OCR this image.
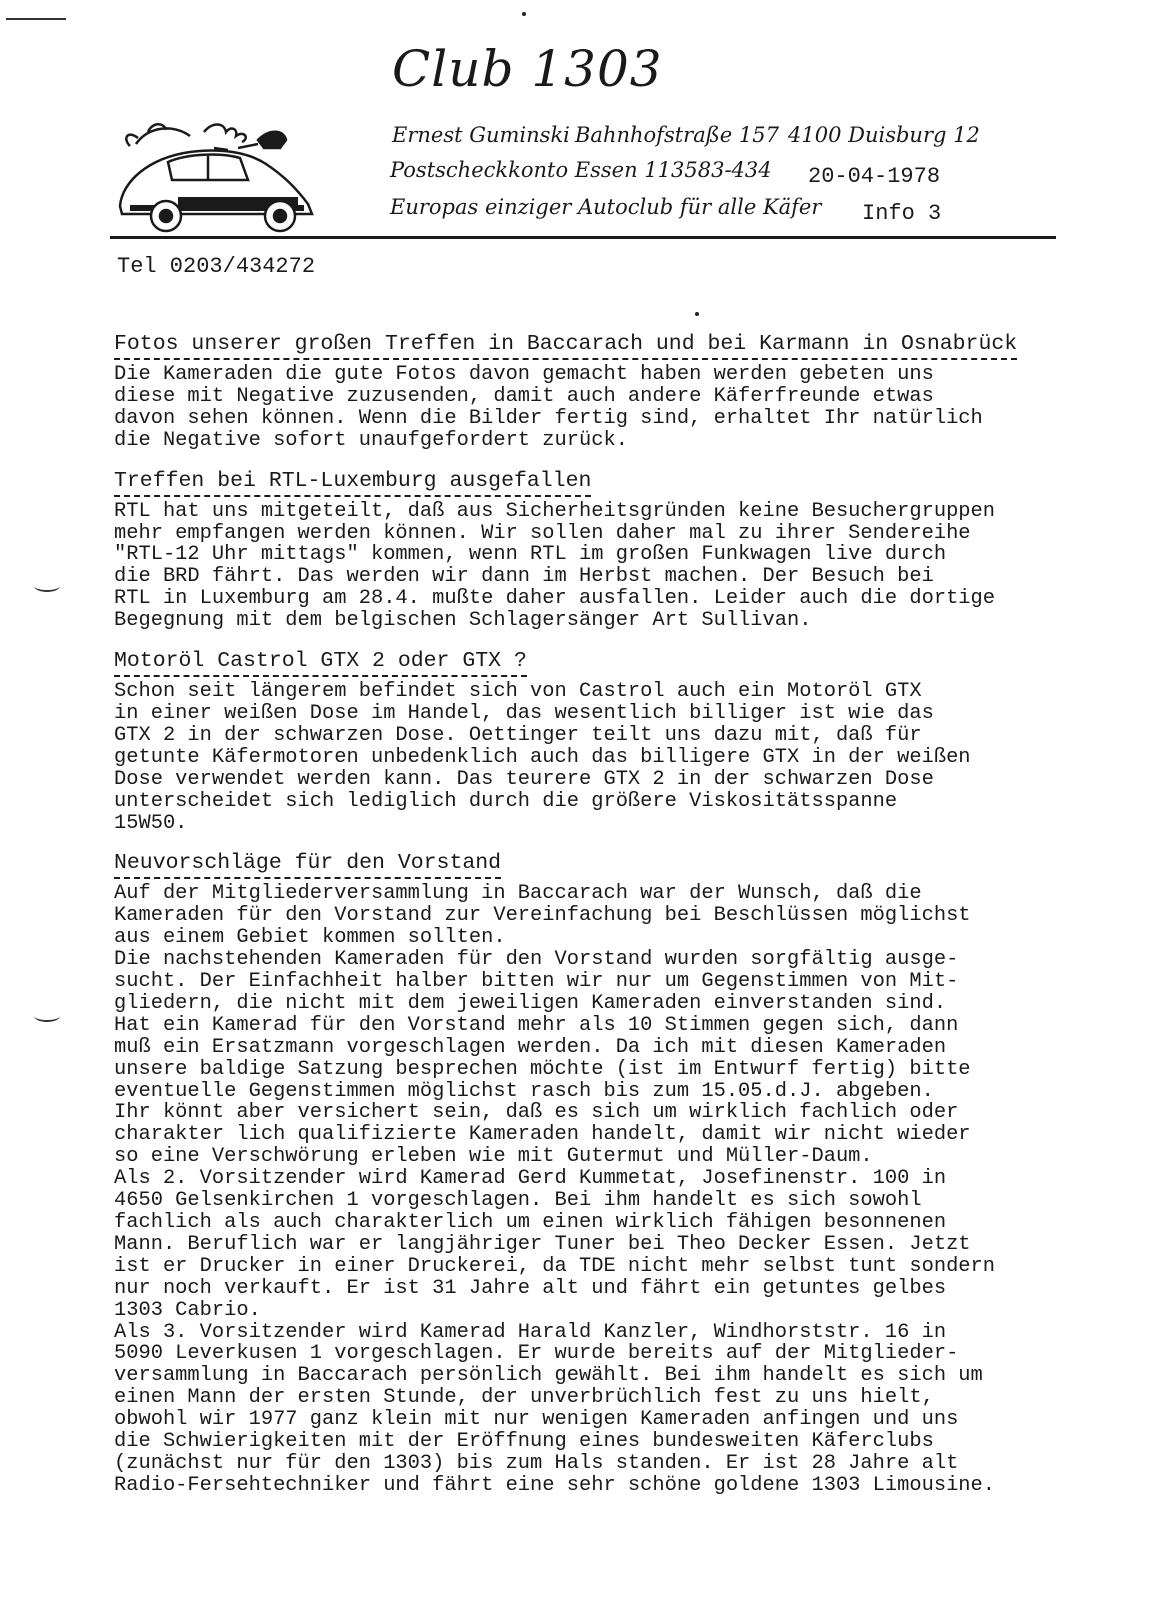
Club 1303
Ernest Guminski Bahnhofstraße 157 4100 Duisburg 12
Postscheckkonto Essen 113583-434 20-04-1978
Europas einziger Autoclub für alle Käfer Info 3
Tel 0203/434272
Fotos unserer großen Treffen in Baccarach und bei Karmann in Osnabrück

Die Kameraden die gute Fotos davon gemacht haben werden gebeten uns
diese mit Negative zuzusenden, damit auch andere Käferfreunde etwas
davon sehen können. Wenn die Bilder fertig sind, erhaltet Ihr natürlich
die Negative sofort unaufgefordert zurück.

Treffen bei RTL-Luxemburg ausgefallen

RTL hat uns mitgeteilt, daß aus Sicherheitsgründen keine Besuchergruppen
mehr empfangen werden können. Wir sollen daher mal zu ihrer Sendereihe
"RTL-12 Uhr mittags" kommen, wenn RTL im großen Funkwagen live durch
die BRD fährt. Das werden wir dann im Herbst machen. Der Besuch bei
RTL in Luxemburg am 28.4. mußte daher ausfallen. Leider auch die dortige
Begegnung mit dem belgischen Schlagersänger Art Sullivan.

Motoröl Castrol GTX 2 oder GTX ?

Schon seit längerem befindet sich von Castrol auch ein Motoröl GTX
in einer weißen Dose im Handel, das wesentlich billiger ist wie das
GTX 2 in der schwarzen Dose. Oettinger teilt uns dazu mit, daß für
getunte Käfermotoren unbedenklich auch das billigere GTX in der weißen
Dose verwendet werden kann. Das teurere GTX 2 in der schwarzen Dose
unterscheidet sich lediglich durch die größere Viskositätsspanne
15W50.

Neuvorschläge für den Vorstand

Auf der Mitgliederversammlung in Baccarach war der Wunsch, daß die
Kameraden für den Vorstand zur Vereinfachung bei Beschlüssen möglichst
aus einem Gebiet kommen sollten.
Die nachstehenden Kameraden für den Vorstand wurden sorgfältig ausge-
sucht. Der Einfachheit halber bitten wir nur um Gegenstimmen von Mit-
gliedern, die nicht mit dem jeweiligen Kameraden einverstanden sind.
Hat ein Kamerad für den Vorstand mehr als 10 Stimmen gegen sich, dann
muß ein Ersatzmann vorgeschlagen werden. Da ich mit diesen Kameraden
unsere baldige Satzung besprechen möchte (ist im Entwurf fertig) bitte
eventuelle Gegenstimmen möglichst rasch bis zum 15.05.d.J. abgeben.
Ihr könnt aber versichert sein, daß es sich um wirklich fachlich oder
charakter lich qualifizierte Kameraden handelt, damit wir nicht wieder
so eine Verschwörung erleben wie mit Gutermut und Müller-Daum.
Als 2. Vorsitzender wird Kamerad Gerd Kummetat, Josefinenstr. 100 in
4650 Gelsenkirchen 1 vorgeschlagen. Bei ihm handelt es sich sowohl
fachlich als auch charakterlich um einen wirklich fähigen besonnenen
Mann. Beruflich war er langjähriger Tuner bei Theo Decker Essen. Jetzt
ist er Drucker in einer Druckerei, da TDE nicht mehr selbst tunt sondern
nur noch verkauft. Er ist 31 Jahre alt und fährt ein getuntes gelbes
1303 Cabrio.
Als 3. Vorsitzender wird Kamerad Harald Kanzler, Windhorststr. 16 in
5090 Leverkusen 1 vorgeschlagen. Er wurde bereits auf der Mitglieder-
versammlung in Baccarach persönlich gewählt. Bei ihm handelt es sich um
einen Mann der ersten Stunde, der unverbrüchlich fest zu uns hielt,
obwohl wir 1977 ganz klein mit nur wenigen Kameraden anfingen und uns
die Schwierigkeiten mit der Eröffnung eines bundesweiten Käferclubs
(zunächst nur für den 1303) bis zum Hals standen. Er ist 28 Jahre alt
Radio-Fersehtechniker und fährt eine sehr schöne goldene 1303 Limousine.
